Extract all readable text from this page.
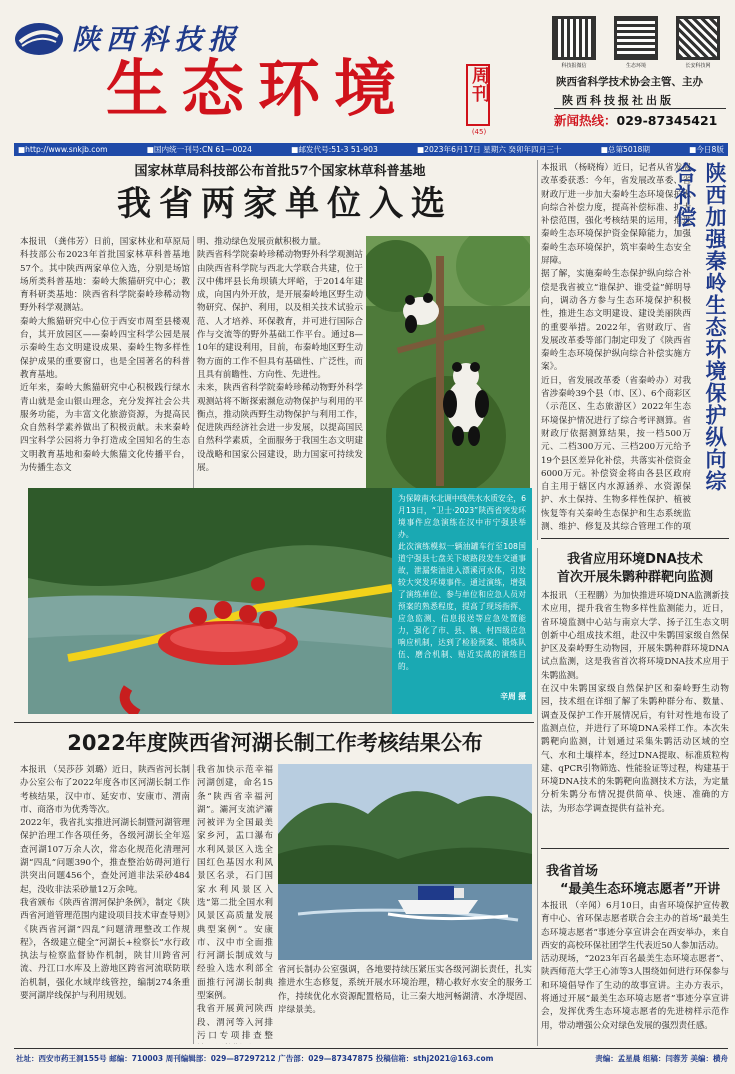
陕西科技报
生态环境	周刊
(45)
科技报微信	生态环境	长安科技网
陕西省科学技术协会主管、主办
陕西科技报社出版
新闻热线：029-87345421
■http://www.snkjb.com	■国内统一刊号:CN 61—0024	■邮发代号:51-3 51-903	■2023年6月17日 星期六 癸卯年四月三十	■总第5018期	■今日8版
国家林草局科技部公布首批57个国家林草科普基地
我省两家单位入选
本报讯 （龚伟芳）日前，国家林业和草原局科技部公布2023年首批国家林草科普基地57个。其中陕西两家单位入选，分别是场馆场所类科普基地：秦岭大熊猫研究中心；教育科研类基地：陕西省科学院秦岭珍稀动物野外科学观测站。
秦岭大熊猫研究中心位于西安市周至县楼观台，其开放园区——秦岭四宝科学公园是展示秦岭生态文明建设成果、秦岭生物多样性保护成果的重要窗口，也是全国著名的科普教育基地。
近年来，秦岭大熊猫研究中心积极践行绿水青山就是金山银山理念，充分发挥社会公共服务功能，为丰富文化旅游资源，为提高民众自然科学素养做出了积极贡献。未来秦岭四宝科学公园将力争打造成全国知名的生态文明教育基地和秦岭大熊猫文化传播平台，为传播生态文
明、推动绿色发展贡献积极力量。
陕西省科学院秦岭珍稀动物野外科学观测站由陕西省科学院与西北大学联合共建，位于汉中佛坪县长角坝镇大坪峪，于2014年建成，向国内外开放，是开展秦岭地区野生动物研究、保护、利用，以及相关技术试验示范、人才培养、环保教育，并可进行国际合作与交流等的野外基础工作平台。通过8—10年的建设利用，目前，布秦岭地区野生动物方面的工作不但具有基础性、广泛性，而且具有前瞻性、方向性、先进性。
未来，陕西省科学院秦岭珍稀动物野外科学观测站将不断探索濒危动物保护与利用的平衡点，推动陕西野生动物保护与利用工作，促进陕西经济社会进一步发展，以提高国民自然科学素质，全面服务于我国生态文明建设战略和国家公园建设，助力国家可持续发展。
为保障南水北调中线供水水质安全，6月13日，“卫士·2023”陕西省突发环境事件应急演练在汉中市宁强县举办。
此次演练模拟一辆油罐车行至108国道宁强县七盘关下坡路段发生交通事故，泄漏柴油进入漂溪河水体，引发较大突发环境事件。通过演练，增强了演练单位、参与单位和应急人员对预案的熟悉程度，提高了现场指挥、应急监测、信息报送等应急处置能力，强化了市、县、镇、村四级应急响应机制，达到了检验预案、锻炼队伍、磨合机制、贴近实战的演练目的。
辛周 摄
本报讯 （杨晓梅）近日，记者从省发展改革委获悉：今年，省发展改革委、省财政厅进一步加大秦岭生态环境保护纵向综合补偿力度，提高补偿标准、扩大补偿范围，强化考核结果的运用，推进秦岭生态环境保护资金保障能力，加强秦岭生态环境保护，筑牢秦岭生态安全屏障。
据了解，实施秦岭生态保护纵向综合补偿是我省被立“谁保护、谁受益”鲜明导向，调动各方参与生态环境保护积极性，推进生态文明建设、建设美丽陕西的重要举措。2022年，省财政厅、省发展改革委等部门制定印发了《陕西省秦岭生态环境保护纵向综合补偿实施方案》。
近日，省发展改革委（省秦岭办）对我省涉秦岭39个县（市、区）、6个商彩区（示范区、生态旅游区）2022年生态环境保护情况进行了综合考评测算。省财政厅依据测算结果，按一档500万元、二档300万元、三档200万元给予19个县区差异化补偿，共落实补偿资金6000万元。补偿资金将由各县区政府自主用于辖区内水源涵养、水资源保护、水土保持、生物多样性保护、植被恢复等有关秦岭生态保护和生态系统监测、维护、修复及其综合管理工作的项
陕西加强秦岭生态环境保护纵向综合补偿
我省应用环境DNA技术
首次开展朱鹮种群靶向监测
本报讯 （王程鹏）为加快推进环境DNA监测新技术应用，提升我省生物多样性监测能力，近日，省环境监测中心站与南京大学、扬子江生态文明创新中心组成技术组，赴汉中朱鹮国家级自然保护区及秦岭野生动物园，开展朱鹮种群环境DNA试点监测，这是我省首次将环境DNA技术应用于朱鹮监测。
在汉中朱鹮国家级自然保护区和秦岭野生动物园，技术组在详细了解了朱鹮种群分布、数量、调查及保护工作开展情况后，有针对性地布设了监测点位，并进行了环境DNA采样工作。本次朱鹮靶向监测，计划通过采集朱鹮活动区域的空气、水和土壤样本，经过DNA提取、标准质粒构建、qPCR引物筛选、性能验证等过程，构建基于环境DNA技术的朱鹮靶向监测技术方法，为定量分析朱鹮分布情况提供简单、快速、准确的方法，为形态学调查提供有益补充。
我省首场
“最美生态环境志愿者”开讲
本报讯 （辛闻）6月10日，由省环境保护宣传教育中心、省环保志愿者联合会主办的首场“最美生态环境志愿者”事迹分享宣讲会在西安举办，来自西安的高校环保社团学生代表近50人参加活动。
活动现场，“2023年百名最美生态环境志愿者”、陕西师范大学王心沛等3人围绕如何进行环保参与和环境倡导作了生动的故事宣讲。主办方表示，将通过开展“最美生态环境志愿者”事迹分享宣讲会，发挥优秀生态环境志愿者的先进榜样示范作用，带动增强公众对绿色发展的强烈责任感。
2022年度陕西省河湖长制工作考核结果公布
本报讯 （吴莎莎 刘璐）近日，陕西省河长制办公室公布了2022年度各市区河湖长制工作考核结果，汉中市、延安市、安康市、渭南市、商洛市为优秀等次。
2022年，我省扎实推进河湖长制暨河湖管理保护治理工作各项任务，各级河湖长全年巡查河湖107万余人次，常态化规范化清理河湖“四乱”问题390个，推查整治妨碍河道行洪突出问题456个，查处河道非法采砂484起，没收非法采砂量12万余吨。
我省颁布《陕西省渭河保护条例》，制定《陕西省河道管理范围内建设项目技术审查导则》《陕西省河湖“四乱”问题清理整改工作规程》，各级建立健全“河湖长+检察长”水行政执法与检察监督协作机制，陕甘川跨省河流、丹江口水库及上游地区跨省河流联防联治机制，强化水域岸线管控，编制274条重要河湖岸线保护与利用规划。
我省加快示范幸福河湖创建，命名15条“陕西省幸福河湖”。灞河支流浐灞河被评为全国最美家乡河，盂口瀑布水利风景区入选全国红色基因水利风景区名录，石门国家水利风景区入选“第二批全国水利风景区高质量发展典型案例”。安康市、汉中市全面推行河湖长制成效与经验入选水利部全面推行河湖长制典型案例。
我省开展黄河陕西段、渭河等入河排污口专项排查整
省河长制办公室强调，各地要持续压紧压实各级河湖长责任，扎实推进水生态修复，系统开展水环境治理，精心救好水安全的服务工作，持续优化水资源配置格局，让三秦大地河畅湖清、水净堤固、岸绿景美。
社址：西安市药王洞155号 邮编：710003 周刊编辑部：029—87297212 广告部：029—87347875 投稿信箱：sthj2021@163.com	责编：孟星晨 组稿：闫蓉芳 美编：横舟
